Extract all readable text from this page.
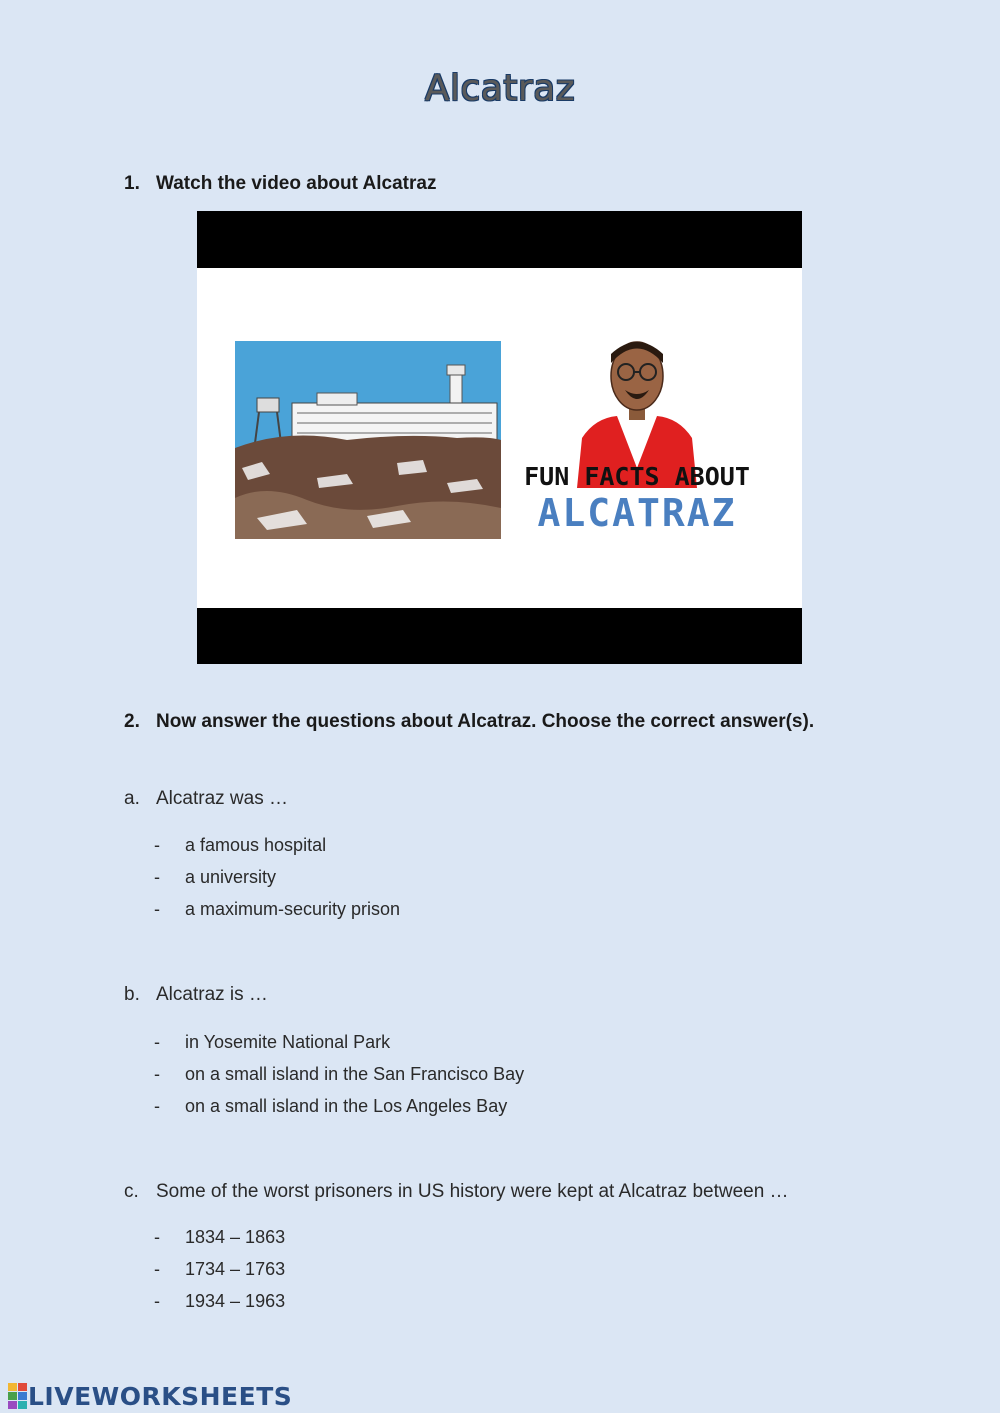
Alcatraz
1. Watch the video about Alcatraz
FUN FACTS ABOUT
ALCATRAZ
2. Now answer the questions about Alcatraz. Choose the correct answer(s).
a. Alcatraz was …
- a famous hospital
- a university
- a maximum-security prison
b. Alcatraz is …
- in Yosemite National Park
- on a small island in the San Francisco Bay
- on a small island in the Los Angeles Bay
c. Some of the worst prisoners in US history were kept at Alcatraz between …
- 1834 – 1863
- 1734 – 1763
- 1934 – 1963
LIVEWORKSHEETS
